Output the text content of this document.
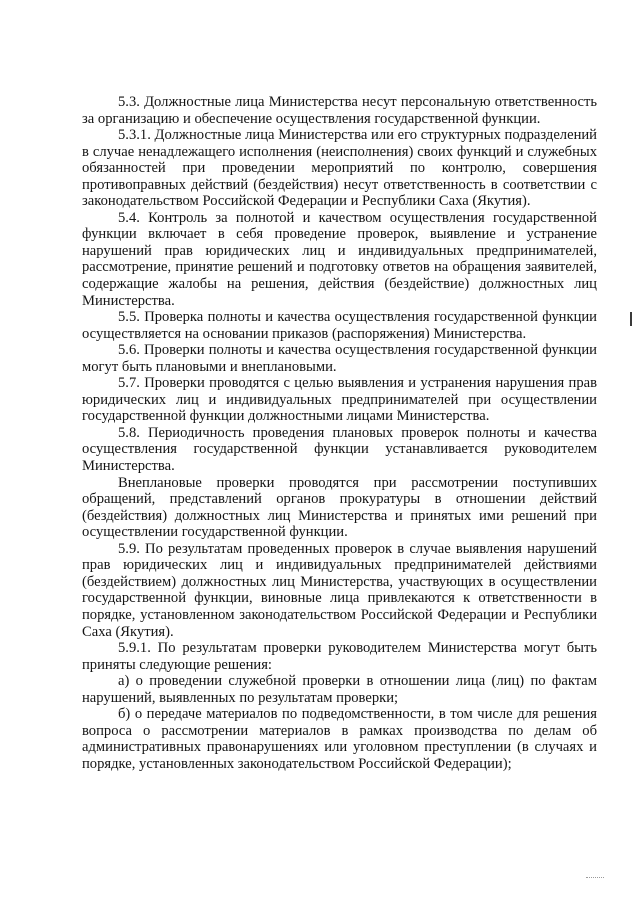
5.3. Должностные лица Министерства несут персональную ответственность за организацию и обеспечение осуществления государственной функции.

5.3.1. Должностные лица Министерства или его структурных подразделений в случае ненадлежащего исполнения (неисполнения) своих функций и служебных обязанностей при проведении мероприятий по контролю, совершения противоправных действий (бездействия) несут ответственность в соответствии с законодательством Российской Федерации и Республики Саха (Якутия).

5.4. Контроль за полнотой и качеством осуществления государственной функции включает в себя проведение проверок, выявление и устранение нарушений прав юридических лиц и индивидуальных предпринимателей, рассмотрение, принятие решений и подготовку ответов на обращения заявителей, содержащие жалобы на решения, действия (бездействие) должностных лиц Министерства.

5.5. Проверка полноты и качества осуществления государственной функции осуществляется на основании приказов (распоряжения) Министерства.

5.6. Проверки полноты и качества осуществления государственной функции могут быть плановыми и внеплановыми.

5.7. Проверки проводятся с целью выявления и устранения нарушения прав юридических лиц и индивидуальных предпринимателей при осуществлении государственной функции должностными лицами Министерства.

5.8. Периодичность проведения плановых проверок полноты и качества осуществления государственной функции устанавливается руководителем Министерства.

Внеплановые проверки проводятся при рассмотрении поступивших обращений, представлений органов прокуратуры в отношении действий (бездействия) должностных лиц Министерства и принятых ими решений при осуществлении государственной функции.

5.9. По результатам проведенных проверок в случае выявления нарушений прав юридических лиц и индивидуальных предпринимателей действиями (бездействием) должностных лиц Министерства, участвующих в осуществлении государственной функции, виновные лица привлекаются к ответственности в порядке, установленном законодательством Российской Федерации и Республики Саха (Якутия).

5.9.1. По результатам проверки руководителем Министерства могут быть приняты следующие решения:

а) о проведении служебной проверки в отношении лица (лиц) по фактам нарушений, выявленных по результатам проверки;

б) о передаче материалов по подведомственности, в том числе для решения вопроса о рассмотрении материалов в рамках производства по делам об административных правонарушениях или уголовном преступлении (в случаях и порядке, установленных законодательством Российской Федерации);
